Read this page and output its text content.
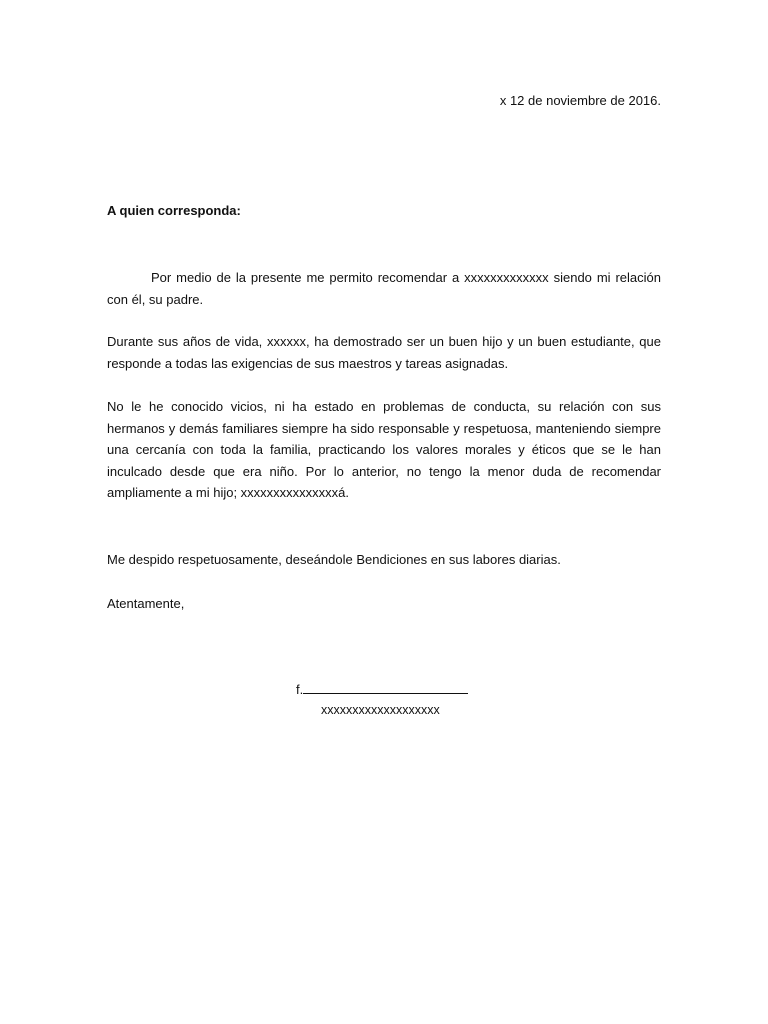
x 12 de noviembre de 2016.
A quien corresponda:
Por medio de la presente me permito recomendar a xxxxxxxxxxxxx siendo mi relación con él, su padre.
Durante sus años de vida, xxxxxx, ha demostrado ser un buen hijo y un buen estudiante, que responde a todas las exigencias de sus maestros y tareas asignadas.
No le he conocido vicios, ni ha estado en problemas de conducta, su relación con sus hermanos y demás familiares siempre ha sido responsable y respetuosa, manteniendo siempre una cercanía con toda la familia, practicando los valores morales y éticos que se le han inculcado desde que era niño. Por lo anterior, no tengo la menor duda de recomendar ampliamente a mi hijo; xxxxxxxxxxxxxxxá.
Me despido respetuosamente, deseándole Bendiciones en sus labores diarias.
Atentamente,
f.
xxxxxxxxxxxxxxxxxxx
